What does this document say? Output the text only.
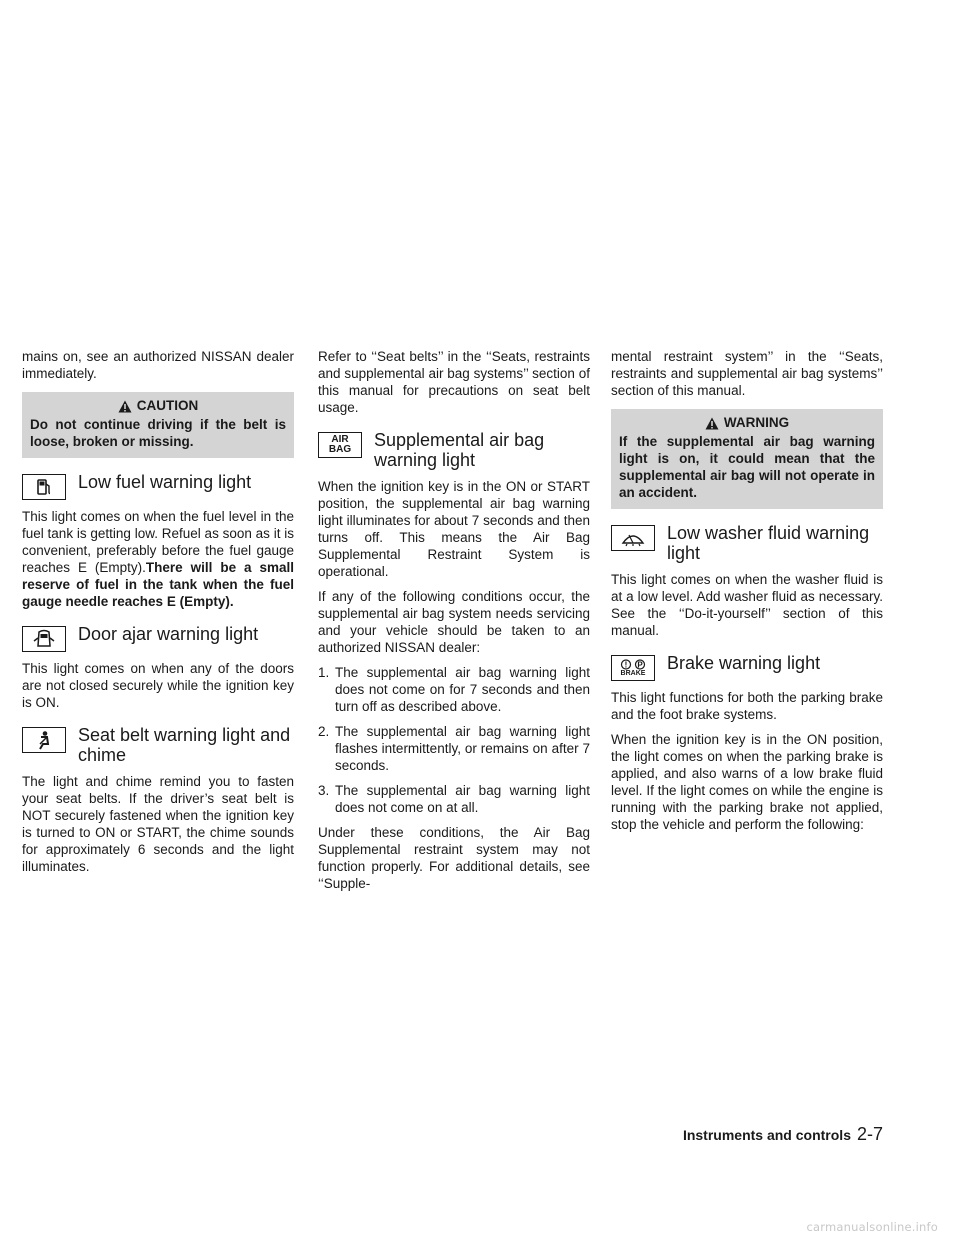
mains on, see an authorized NISSAN dealer immediately.

CAUTION
Do not continue driving if the belt is loose, broken or missing.
Low fuel warning light

This light comes on when the fuel level in the fuel tank is getting low. Refuel as soon as it is convenient, preferably before the fuel gauge reaches E (Empty).There will be a small reserve of fuel in the tank when the fuel gauge needle reaches E (Empty).

Door ajar warning light

This light comes on when any of the doors are not closed securely while the ignition key is ON.

Seat belt warning light and chime

The light and chime remind you to fasten your seat belts. If the driver’s seat belt is NOT securely fastened when the ignition key is turned to ON or START, the chime sounds for approximately 6 seconds and the light illuminates.

Refer to ‘‘Seat belts’’ in the ‘‘Seats, restraints and supplemental air bag systems’’ section of this manual for precautions on seat belt usage.

AIR
BAG Supplemental air bag warning light

When the ignition key is in the ON or START position, the supplemental air bag warning light illuminates for about 7 seconds and then turns off. This means the Air Bag Supplemental Restraint System is operational.

If any of the following conditions occur, the supplemental air bag system needs servicing and your vehicle should be taken to an authorized NISSAN dealer:

1. The supplemental air bag warning light does not come on for 7 seconds and then turn off as described above.
2. The supplemental air bag warning light flashes intermittently, or remains on after 7 seconds.
3. The supplemental air bag warning light does not come on at all.

Under these conditions, the Air Bag Supplemental restraint system may not function properly. For additional details, see ‘‘Supple-

mental restraint system’’ in the ‘‘Seats, restraints and supplemental air bag systems’’ section of this manual.

WARNING
If the supplemental air bag warning light is on, it could mean that the supplemental air bag will not operate in an accident.
Low washer fluid warning light

This light comes on when the washer fluid is at a low level. Add washer fluid as necessary. See the ‘‘Do-it-yourself’’ section of this manual.

! P
BRAKE Brake warning light

This light functions for both the parking brake and the foot brake systems.

When the ignition key is in the ON position, the light comes on when the parking brake is applied, and also warns of a low brake fluid level. If the light comes on while the engine is running with the parking brake not applied, stop the vehicle and perform the following:

Instruments and controls 2-7
carmanualsonline.info
